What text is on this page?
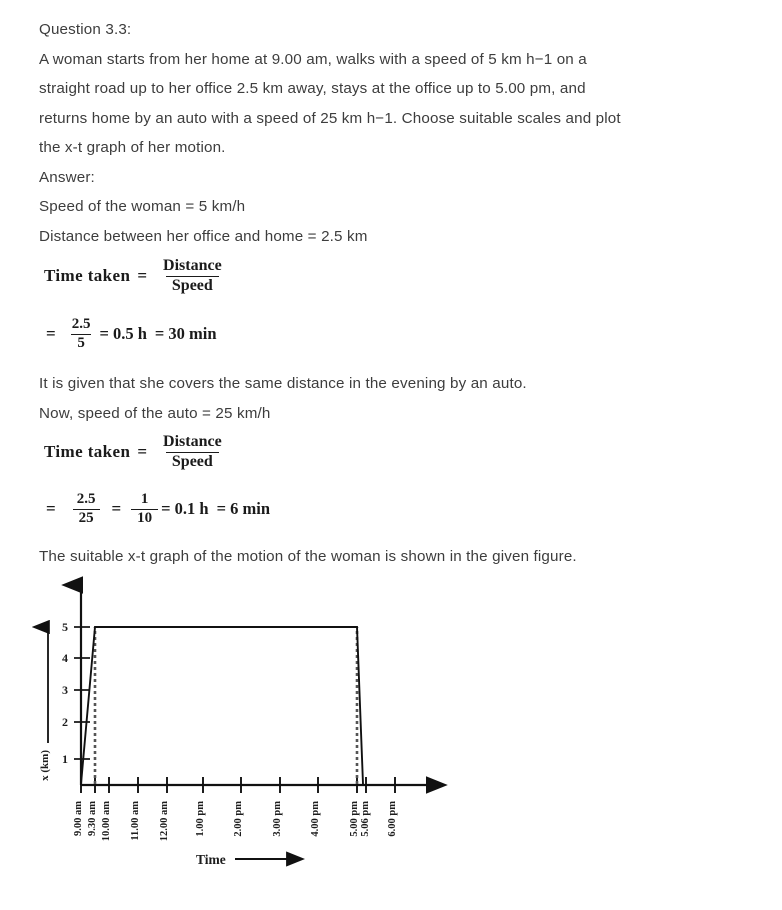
Question 3.3:
A woman starts from her home at 9.00 am, walks with a speed of 5 km h−1 on a
straight road up to her office 2.5 km away, stays at the office up to 5.00 pm, and
returns home by an auto with a speed of 25 km h−1. Choose suitable scales and plot
the x-t graph of her motion.
Answer:
Speed of the woman = 5 km/h
Distance between her office and home = 2.5 km
Time taken = $\frac{\text{Distance}}{\text{Speed}}$
= $\frac{2.5}{5} = 0.5$ h = 30 min
It is given that she covers the same distance in the evening by an auto.
Now, speed of the auto = 25 km/h
Time taken = $\frac{\text{Distance}}{\text{Speed}}$
= $\frac{2.5}{25} = \frac{1}{10} = 0.1$ h = 6 min
The suitable x-t graph of the motion of the woman is shown in the given figure.
5
4
3
2
1
x (km)
9.00 am 9.30 am 10.00 am 11.00 am 12.00 am 1.00 pm	2.00 pm	3.00 pm	4.00 pm	5.00 pm 5.06 pm 6.00 pm
Time
